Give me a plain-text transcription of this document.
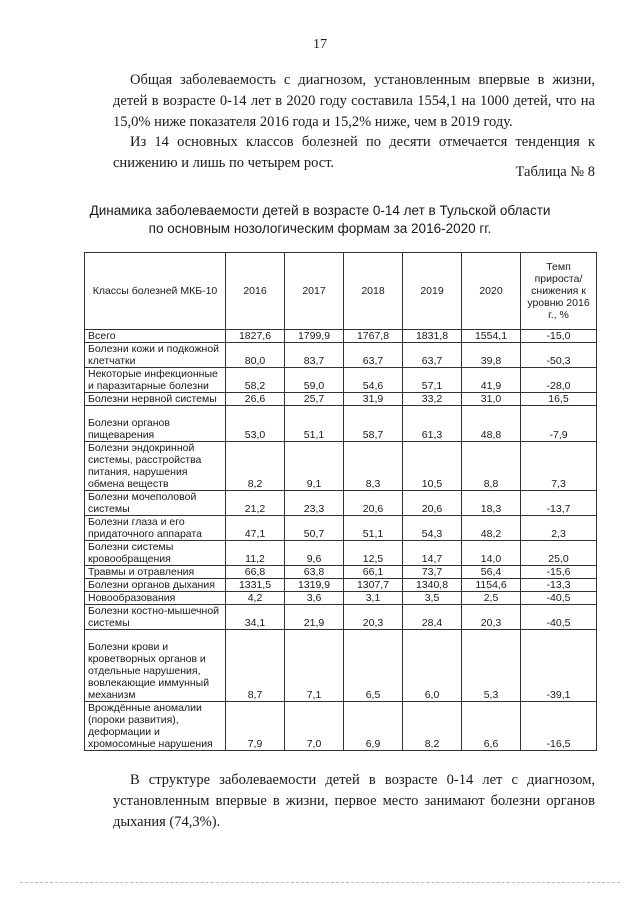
17
Общая заболеваемость с диагнозом, установленным впервые в жизни,
детей в возрасте 0-14 лет в 2020 году составила 1554,1 на 1000 детей, что на
15,0% ниже показателя 2016 года и 15,2% ниже, чем в 2019 году.
Из 14 основных классов болезней по десяти отмечается тенденция к
снижению и лишь по четырем рост.
Таблица № 8
Динамика заболеваемости детей в возрасте 0-14 лет в Тульской области
по основным нозологическим формам за 2016-2020 гг.
Классы болезней МКБ-10	2016	2017	2018	2019	2020	Темп прироста/ снижения к уровню 2016 г., %
Всего	1827,6	1799,9	1767,8	1831,8	1554,1	-15,0
Болезни кожи и подкожной клетчатки	80,0	83,7	63,7	63,7	39,8	-50,3
Некоторые инфекционные и паразитарные болезни	58,2	59,0	54,6	57,1	41,9	-28,0
Болезни нервной системы	26,6	25,7	31,9	33,2	31,0	16,5
Болезни органов пищеварения	53,0	51,1	58,7	61,3	48,8	-7,9
Болезни эндокринной системы, расстройства питания, нарушения обмена веществ	8,2	9,1	8,3	10,5	8,8	7,3
Болезни мочеполовой системы	21,2	23,3	20,6	20,6	18,3	-13,7
Болезни глаза и его придаточного аппарата	47,1	50,7	51,1	54,3	48,2	2,3
Болезни системы кровообращения	11,2	9,6	12,5	14,7	14,0	25,0
Травмы и отравления	66,8	63,8	66,1	73,7	56,4	-15,6
Болезни органов дыхания	1331,5	1319,9	1307,7	1340,8	1154,6	-13,3
Новообразования	4,2	3,6	3,1	3,5	2,5	-40,5
Болезни костно-мышечной системы	34,1	21,9	20,3	28,4	20,3	-40,5
Болезни крови и кроветворных органов и отдельные нарушения, вовлекающие иммунный механизм	8,7	7,1	6,5	6,0	5,3	-39,1
Врождённые аномалии (пороки развития), деформации и хромосомные нарушения	7,9	7,0	6,9	8,2	6,6	-16,5
В структуре заболеваемости детей в возрасте 0-14 лет с диагнозом,
установленным впервые в жизни, первое место занимают болезни органов
дыхания (74,3%).
